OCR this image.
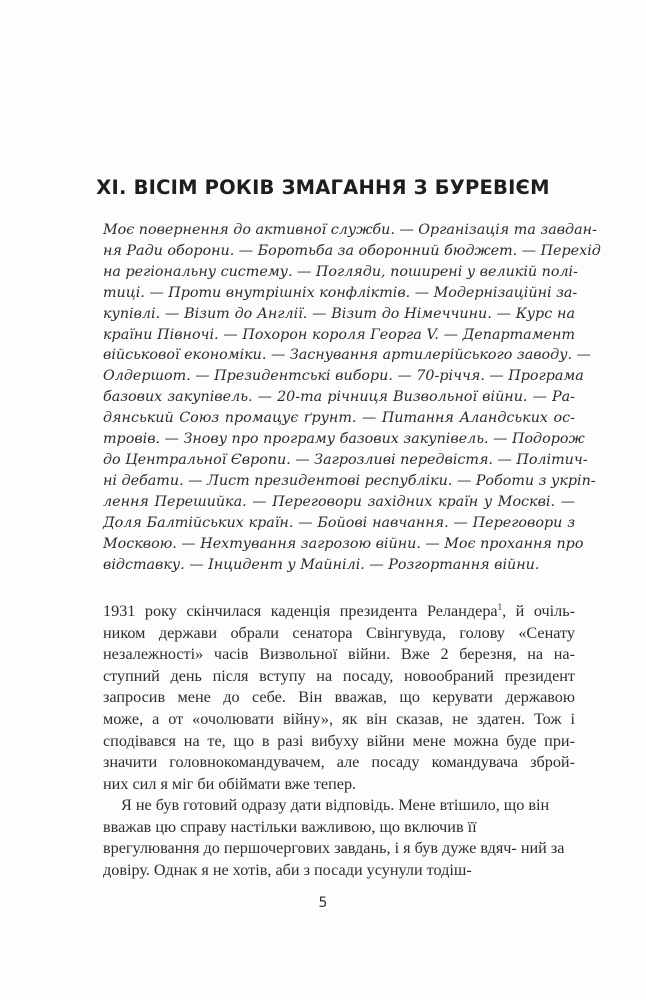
XI. ВІСІМ РОКІВ ЗМАГАННЯ З БУРЕВІЄМ
Моє повернення до активної служби. — Організація та завдан-
ня Ради оборони. — Боротьба за оборонний бюджет. — Перехід
на регіональну систему. — Погляди, поширені у великій полі-
тиці. — Проти внутрішніх конфліктів. — Модернізаційні за-
купівлі. — Візит до Англії. — Візит до Німеччини. — Курс на
країни Півночі. — Похорон короля Георга V. — Департамент
військової економіки. — Заснування артилерійського заводу. —
Олдершот. — Президентські вибори. — 70-річчя. — Програма
базових закупівель. — 20-та річниця Визвольної війни. — Ра-
дянський Союз промацує ґрунт. — Питання Аландських ос-
тровів. — Знову про програму базових закупівель. — Подорож
до Центральної Європи. — Загрозливі передвістя. — Політич-
ні дебати. — Лист президентові республіки. — Роботи з укріп-
лення Перешийка. — Переговори західних країн у Москві. —
Доля Балтійських країн. — Бойові навчання. — Переговори з
Москвою. — Нехтування загрозою війни. — Моє прохання про
відставку. — Інцидент у Майнілі. — Розгортання війни.
1931 року скінчилася каденція президента Реландера$^1$, й очіль-
ником держави обрали сенатора Свінгувуда, голову «Сенату
незалежності» часів Визвольної війни. Вже 2 березня, на на-
ступний день після вступу на посаду, новообраний президент
запросив мене до себе. Він вважав, що керувати державою
може, а от «очолювати війну», як він сказав, не здатен. Тож і
сподівався на те, що в разі вибуху війни мене можна буде при-
значити головнокомандувачем, але посаду командувача зброй-
них сил я міг би обіймати вже тепер.
Я не був готовий одразу дати відповідь. Мене втішило, що він вважав цю справу настільки важливою, що включив її врегулювання до першочергових завдань, і я був дуже вдяч- ний за довіру. Однак я не хотів, аби з посади усунули тодіш-
5
